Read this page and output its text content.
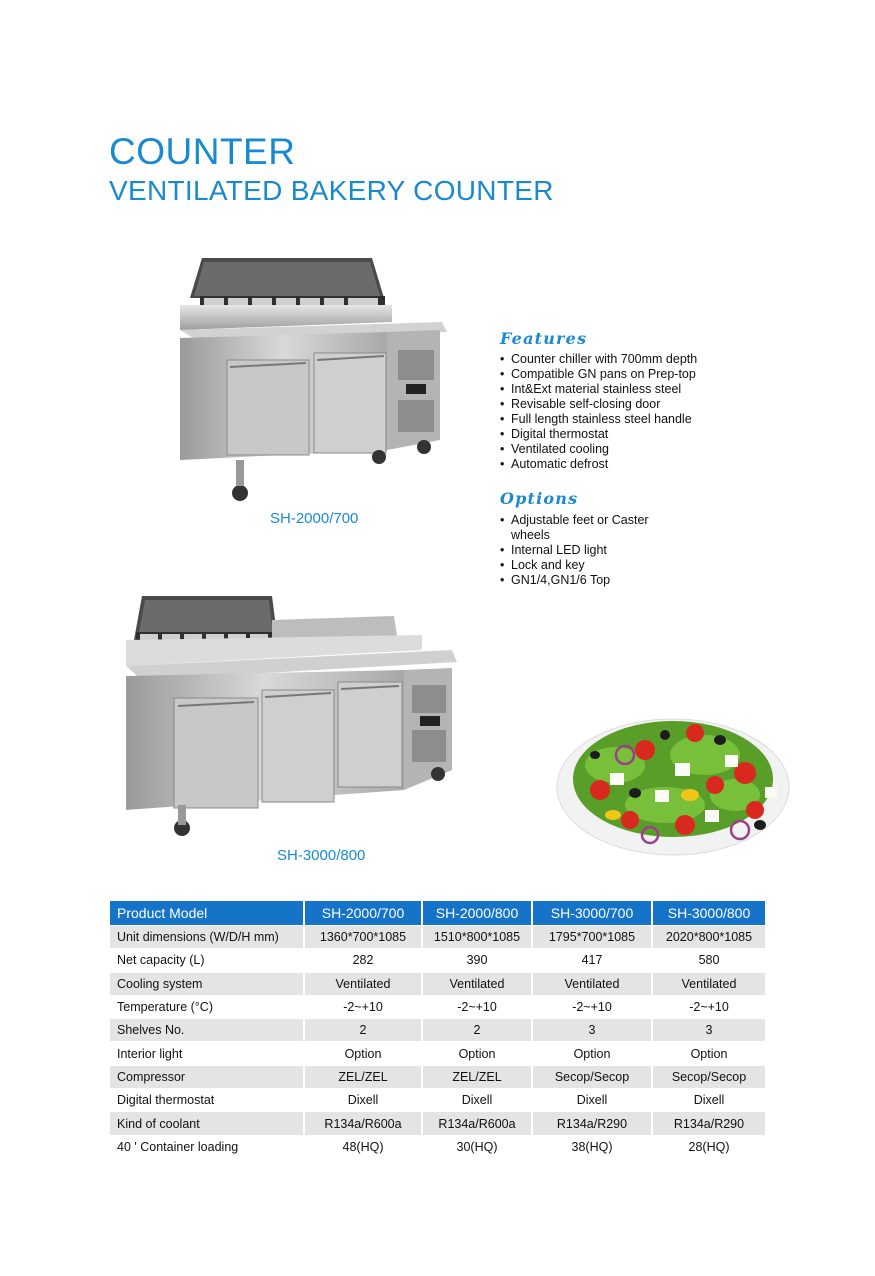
COUNTER
VENTILATED BAKERY COUNTER
SH-2000/700
SH-3000/800
Features
• Counter chiller with 700mm depth
• Compatible GN pans on Prep-top
• Int&Ext material stainless steel
• Revisable self-closing door
• Full length stainless steel handle
• Digital thermostat
• Ventilated cooling
• Automatic defrost
Options
• Adjustable feet or Caster wheels
• Internal LED light
• Lock and key
• GN1/4,GN1/6 Top
Product Model	SH-2000/700	SH-2000/800	SH-3000/700	SH-3000/800
Unit dimensions (W/D/H mm)	1360*700*1085	1510*800*1085	1795*700*1085	2020*800*1085
Net capacity (L)	282	390	417	580
Cooling system	Ventilated	Ventilated	Ventilated	Ventilated
Temperature (°C)	-2~+10	-2~+10	-2~+10	-2~+10
Shelves No.	2	2	3	3
Interior light	Option	Option	Option	Option
Compressor	ZEL/ZEL	ZEL/ZEL	Secop/Secop	Secop/Secop
Digital thermostat	Dixell	Dixell	Dixell	Dixell
Kind of coolant	R134a/R600a	R134a/R600a	R134a/R290	R134a/R290
40 ' Container loading	48(HQ)	30(HQ)	38(HQ)	28(HQ)
